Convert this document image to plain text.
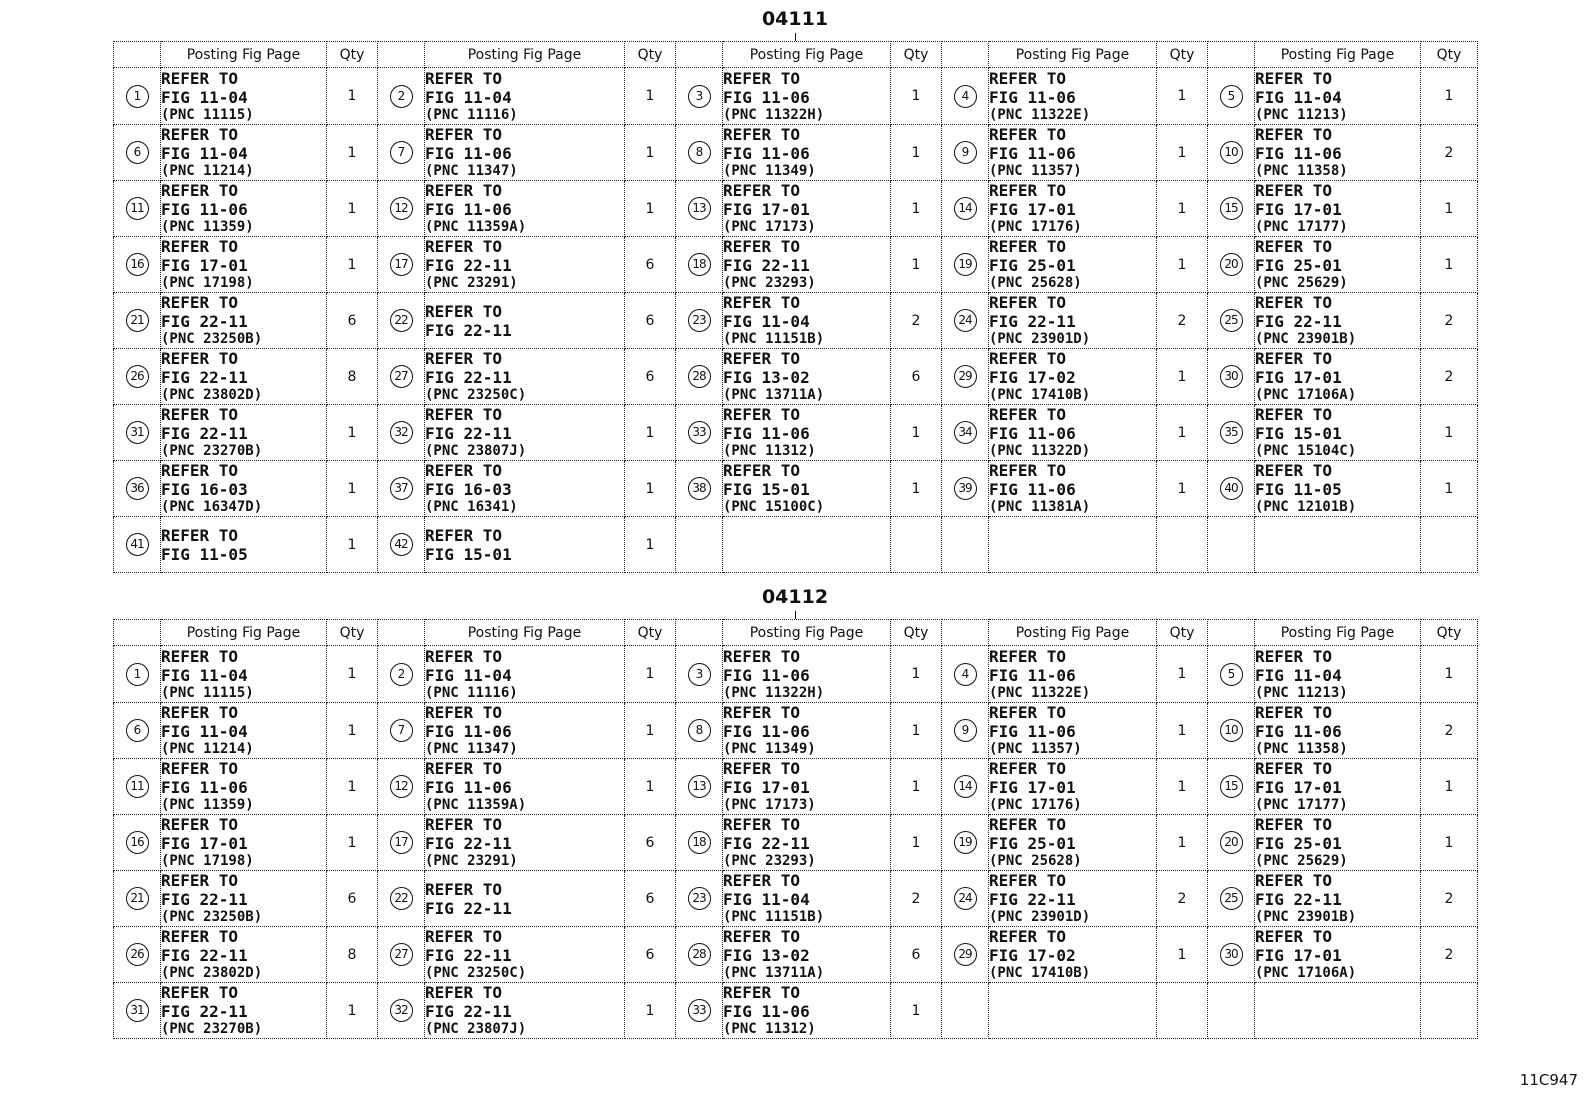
04111
	Posting Fig Page	Qty		Posting Fig Page	Qty		Posting Fig Page	Qty		Posting Fig Page	Qty		Posting Fig Page	Qty
1	REFER TO
FIG 11-04
(PNC 11115)	1	2	REFER TO
FIG 11-04
(PNC 11116)	1	3	REFER TO
FIG 11-06
(PNC 11322H)	1	4	REFER TO
FIG 11-06
(PNC 11322E)	1	5	REFER TO
FIG 11-04
(PNC 11213)	1
6	REFER TO
FIG 11-04
(PNC 11214)	1	7	REFER TO
FIG 11-06
(PNC 11347)	1	8	REFER TO
FIG 11-06
(PNC 11349)	1	9	REFER TO
FIG 11-06
(PNC 11357)	1	10	REFER TO
FIG 11-06
(PNC 11358)	2
11	REFER TO
FIG 11-06
(PNC 11359)	1	12	REFER TO
FIG 11-06
(PNC 11359A)	1	13	REFER TO
FIG 17-01
(PNC 17173)	1	14	REFER TO
FIG 17-01
(PNC 17176)	1	15	REFER TO
FIG 17-01
(PNC 17177)	1
16	REFER TO
FIG 17-01
(PNC 17198)	1	17	REFER TO
FIG 22-11
(PNC 23291)	6	18	REFER TO
FIG 22-11
(PNC 23293)	1	19	REFER TO
FIG 25-01
(PNC 25628)	1	20	REFER TO
FIG 25-01
(PNC 25629)	1
21	REFER TO
FIG 22-11
(PNC 23250B)	6	22	REFER TO
FIG 22-11	6	23	REFER TO
FIG 11-04
(PNC 11151B)	2	24	REFER TO
FIG 22-11
(PNC 23901D)	2	25	REFER TO
FIG 22-11
(PNC 23901B)	2
26	REFER TO
FIG 22-11
(PNC 23802D)	8	27	REFER TO
FIG 22-11
(PNC 23250C)	6	28	REFER TO
FIG 13-02
(PNC 13711A)	6	29	REFER TO
FIG 17-02
(PNC 17410B)	1	30	REFER TO
FIG 17-01
(PNC 17106A)	2
31	REFER TO
FIG 22-11
(PNC 23270B)	1	32	REFER TO
FIG 22-11
(PNC 23807J)	1	33	REFER TO
FIG 11-06
(PNC 11312)	1	34	REFER TO
FIG 11-06
(PNC 11322D)	1	35	REFER TO
FIG 15-01
(PNC 15104C)	1
36	REFER TO
FIG 16-03
(PNC 16347D)	1	37	REFER TO
FIG 16-03
(PNC 16341)	1	38	REFER TO
FIG 15-01
(PNC 15100C)	1	39	REFER TO
FIG 11-06
(PNC 11381A)	1	40	REFER TO
FIG 11-05
(PNC 12101B)	1
41	REFER TO
FIG 11-05	1	42	REFER TO
FIG 15-01	1									
04112
	Posting Fig Page	Qty		Posting Fig Page	Qty		Posting Fig Page	Qty		Posting Fig Page	Qty		Posting Fig Page	Qty
1	REFER TO
FIG 11-04
(PNC 11115)	1	2	REFER TO
FIG 11-04
(PNC 11116)	1	3	REFER TO
FIG 11-06
(PNC 11322H)	1	4	REFER TO
FIG 11-06
(PNC 11322E)	1	5	REFER TO
FIG 11-04
(PNC 11213)	1
6	REFER TO
FIG 11-04
(PNC 11214)	1	7	REFER TO
FIG 11-06
(PNC 11347)	1	8	REFER TO
FIG 11-06
(PNC 11349)	1	9	REFER TO
FIG 11-06
(PNC 11357)	1	10	REFER TO
FIG 11-06
(PNC 11358)	2
11	REFER TO
FIG 11-06
(PNC 11359)	1	12	REFER TO
FIG 11-06
(PNC 11359A)	1	13	REFER TO
FIG 17-01
(PNC 17173)	1	14	REFER TO
FIG 17-01
(PNC 17176)	1	15	REFER TO
FIG 17-01
(PNC 17177)	1
16	REFER TO
FIG 17-01
(PNC 17198)	1	17	REFER TO
FIG 22-11
(PNC 23291)	6	18	REFER TO
FIG 22-11
(PNC 23293)	1	19	REFER TO
FIG 25-01
(PNC 25628)	1	20	REFER TO
FIG 25-01
(PNC 25629)	1
21	REFER TO
FIG 22-11
(PNC 23250B)	6	22	REFER TO
FIG 22-11	6	23	REFER TO
FIG 11-04
(PNC 11151B)	2	24	REFER TO
FIG 22-11
(PNC 23901D)	2	25	REFER TO
FIG 22-11
(PNC 23901B)	2
26	REFER TO
FIG 22-11
(PNC 23802D)	8	27	REFER TO
FIG 22-11
(PNC 23250C)	6	28	REFER TO
FIG 13-02
(PNC 13711A)	6	29	REFER TO
FIG 17-02
(PNC 17410B)	1	30	REFER TO
FIG 17-01
(PNC 17106A)	2
31	REFER TO
FIG 22-11
(PNC 23270B)	1	32	REFER TO
FIG 22-11
(PNC 23807J)	1	33	REFER TO
FIG 11-06
(PNC 11312)	1						
11C947
